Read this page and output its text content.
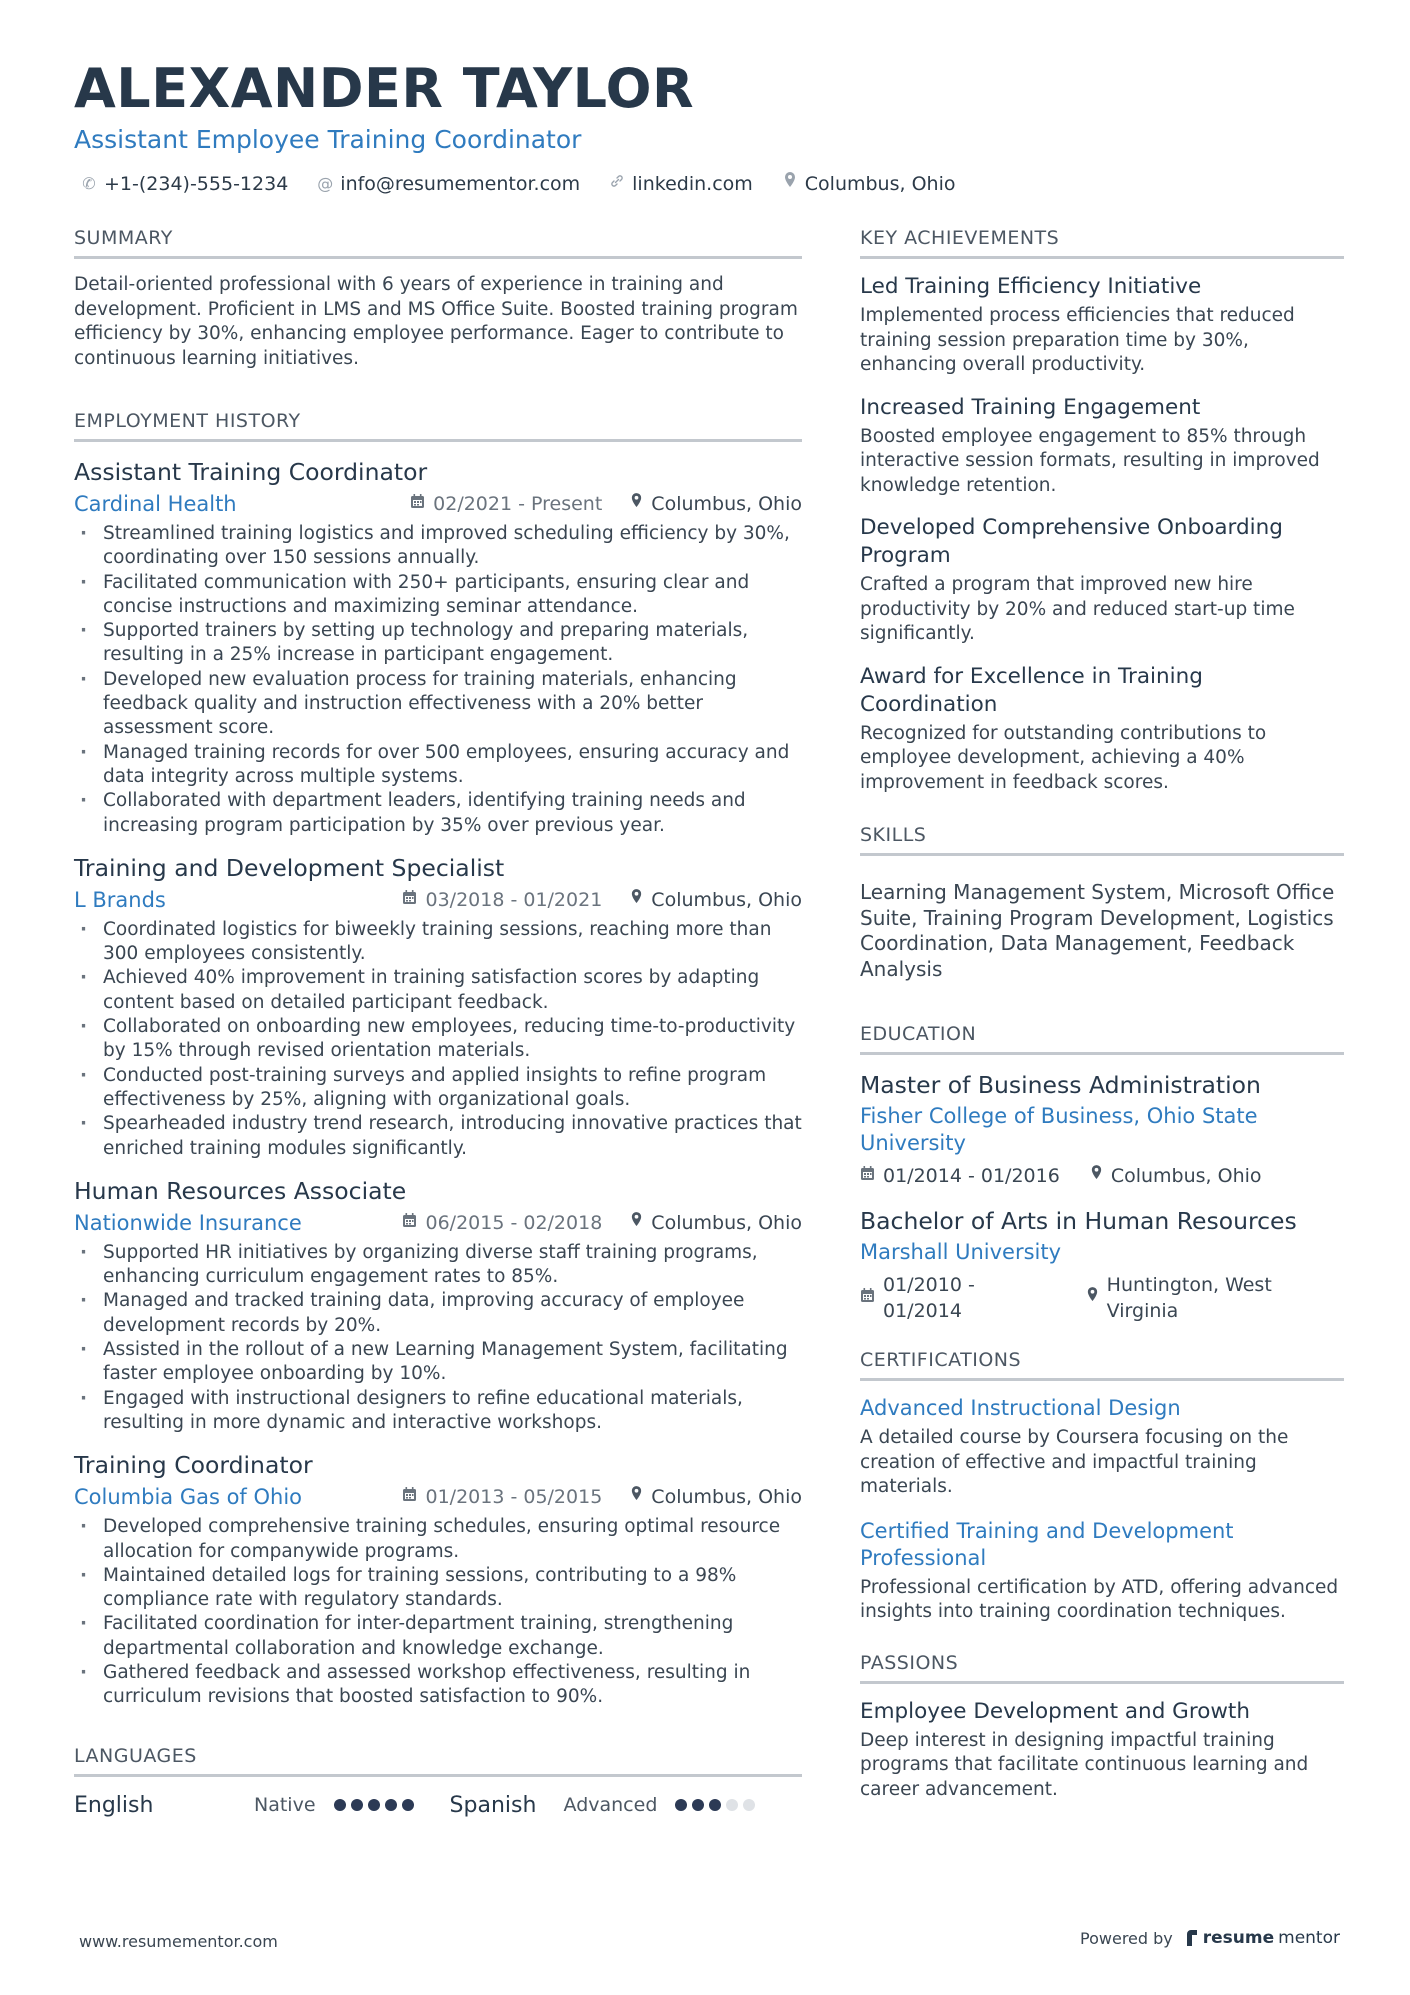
ALEXANDER TAYLOR
Assistant Employee Training Coordinator
✆ +1-(234)-555-1234 @ info@resumementor.com	linkedin.com	Columbus, Ohio
SUMMARY
Detail-oriented professional with 6 years of experience in training and development. Proficient in LMS and MS Office Suite. Boosted training program efficiency by 30%, enhancing employee performance. Eager to contribute to continuous learning initiatives.
EMPLOYMENT HISTORY
Assistant Training Coordinator
Cardinal Health	02/2021 - Present	Columbus, Ohio
· Streamlined training logistics and improved scheduling efficiency by 30%, coordinating over 150 sessions annually.
· Facilitated communication with 250+ participants, ensuring clear and concise instructions and maximizing seminar attendance.
· Supported trainers by setting up technology and preparing materials, resulting in a 25% increase in participant engagement.
· Developed new evaluation process for training materials, enhancing feedback quality and instruction effectiveness with a 20% better assessment score.
· Managed training records for over 500 employees, ensuring accuracy and data integrity across multiple systems.
· Collaborated with department leaders, identifying training needs and increasing program participation by 35% over previous year.
Training and Development Specialist
L Brands	03/2018 - 01/2021	Columbus, Ohio
· Coordinated logistics for biweekly training sessions, reaching more than 300 employees consistently.
· Achieved 40% improvement in training satisfaction scores by adapting content based on detailed participant feedback.
· Collaborated on onboarding new employees, reducing time-to-productivity by 15% through revised orientation materials.
· Conducted post-training surveys and applied insights to refine program effectiveness by 25%, aligning with organizational goals.
· Spearheaded industry trend research, introducing innovative practices that enriched training modules significantly.
Human Resources Associate
Nationwide Insurance	06/2015 - 02/2018	Columbus, Ohio
· Supported HR initiatives by organizing diverse staff training programs, enhancing curriculum engagement rates to 85%.
· Managed and tracked training data, improving accuracy of employee development records by 20%.
· Assisted in the rollout of a new Learning Management System, facilitating faster employee onboarding by 10%.
· Engaged with instructional designers to refine educational materials, resulting in more dynamic and interactive workshops.
Training Coordinator
Columbia Gas of Ohio	01/2013 - 05/2015	Columbus, Ohio
· Developed comprehensive training schedules, ensuring optimal resource allocation for companywide programs.
· Maintained detailed logs for training sessions, contributing to a 98% compliance rate with regulatory standards.
· Facilitated coordination for inter-department training, strengthening departmental collaboration and knowledge exchange.
· Gathered feedback and assessed workshop effectiveness, resulting in curriculum revisions that boosted satisfaction to 90%.
LANGUAGES
English	Native	Spanish	Advanced
KEY ACHIEVEMENTS
Led Training Efficiency Initiative
Implemented process efficiencies that reduced training session preparation time by 30%, enhancing overall productivity.
Increased Training Engagement
Boosted employee engagement to 85% through interactive session formats, resulting in improved knowledge retention.
Developed Comprehensive Onboarding Program
Crafted a program that improved new hire productivity by 20% and reduced start-up time significantly.
Award for Excellence in Training Coordination
Recognized for outstanding contributions to employee development, achieving a 40% improvement in feedback scores.
SKILLS
Learning Management System, Microsoft Office Suite, Training Program Development, Logistics Coordination, Data Management, Feedback Analysis
EDUCATION
Master of Business Administration
Fisher College of Business, Ohio State University
01/2014 - 01/2016	Columbus, Ohio
Bachelor of Arts in Human Resources
Marshall University
01/2010 - 01/2014
Huntington, West Virginia
CERTIFICATIONS
Advanced Instructional Design
A detailed course by Coursera focusing on the creation of effective and impactful training materials.
Certified Training and Development Professional
Professional certification by ATD, offering advanced insights into training coordination techniques.
PASSIONS
Employee Development and Growth
Deep interest in designing impactful training programs that facilitate continuous learning and career advancement.
www.resumementor.com	Powered by resume mentor
